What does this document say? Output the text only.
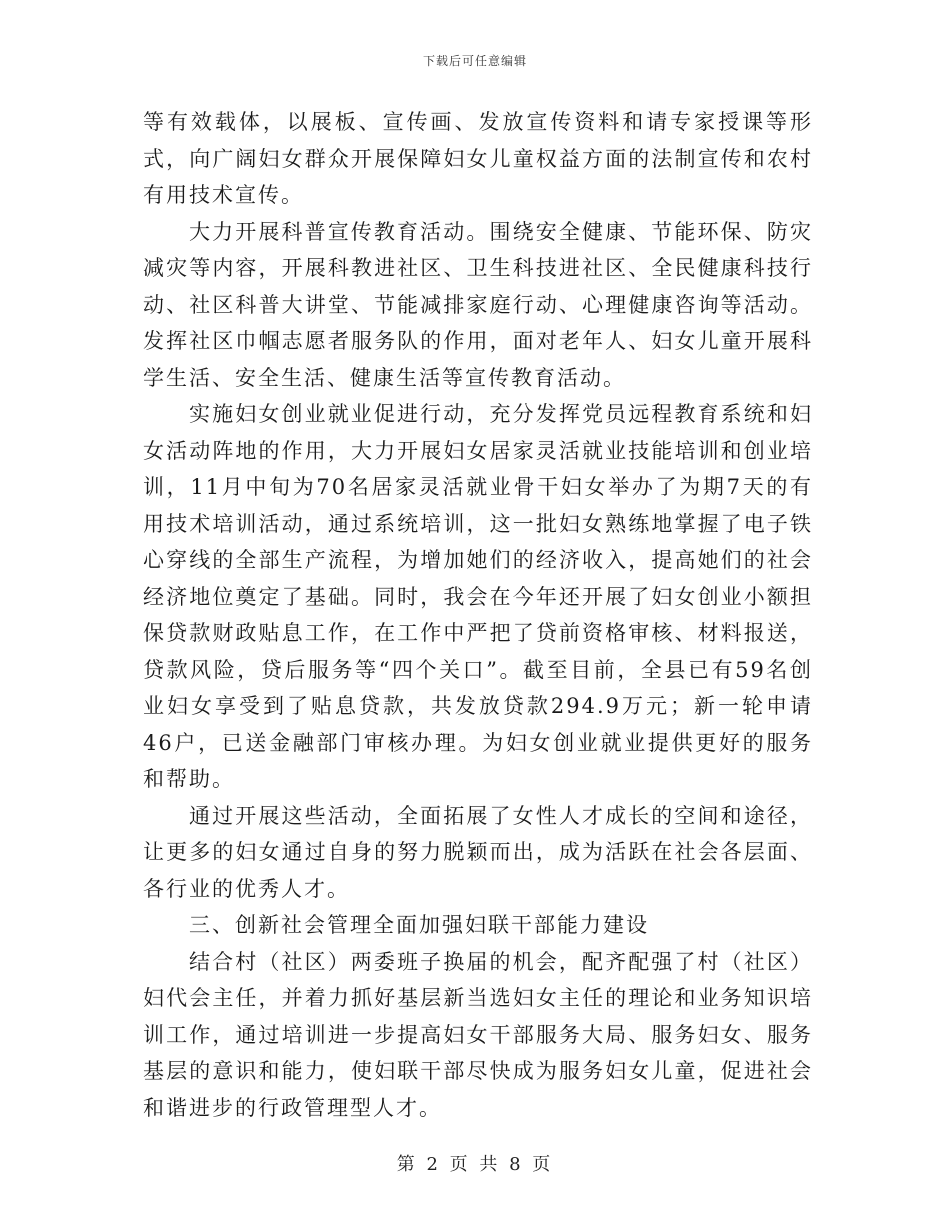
下载后可任意编辑

等有效载体，以展板、宣传画、发放宣传资料和请专家授课等形式，向广阔妇女群众开展保障妇女儿童权益方面的法制宣传和农村有用技术宣传。

大力开展科普宣传教育活动。围绕安全健康、节能环保、防灾减灾等内容，开展科教进社区、卫生科技进社区、全民健康科技行动、社区科普大讲堂、节能减排家庭行动、心理健康咨询等活动。发挥社区巾帼志愿者服务队的作用，面对老年人、妇女儿童开展科学生活、安全生活、健康生活等宣传教育活动。

实施妇女创业就业促进行动，充分发挥党员远程教育系统和妇女活动阵地的作用，大力开展妇女居家灵活就业技能培训和创业培训，11月中旬为70名居家灵活就业骨干妇女举办了为期7天的有用技术培训活动，通过系统培训，这一批妇女熟练地掌握了电子铁心穿线的全部生产流程，为增加她们的经济收入，提高她们的社会经济地位奠定了基础。同时，我会在今年还开展了妇女创业小额担保贷款财政贴息工作，在工作中严把了贷前资格审核、材料报送，贷款风险，贷后服务等“四个关口”。截至目前，全县已有59名创业妇女享受到了贴息贷款，共发放贷款294.9万元；新一轮申请46户，已送金融部门审核办理。为妇女创业就业提供更好的服务和帮助。

通过开展这些活动，全面拓展了女性人才成长的空间和途径，让更多的妇女通过自身的努力脱颖而出，成为活跃在社会各层面、各行业的优秀人才。

三、创新社会管理全面加强妇联干部能力建设

结合村（社区）两委班子换届的机会，配齐配强了村（社区）妇代会主任，并着力抓好基层新当选妇女主任的理论和业务知识培训工作，通过培训进一步提高妇女干部服务大局、服务妇女、服务基层的意识和能力，使妇联干部尽快成为服务妇女儿童，促进社会和谐进步的行政管理型人才。

第 2 页 共 8 页
